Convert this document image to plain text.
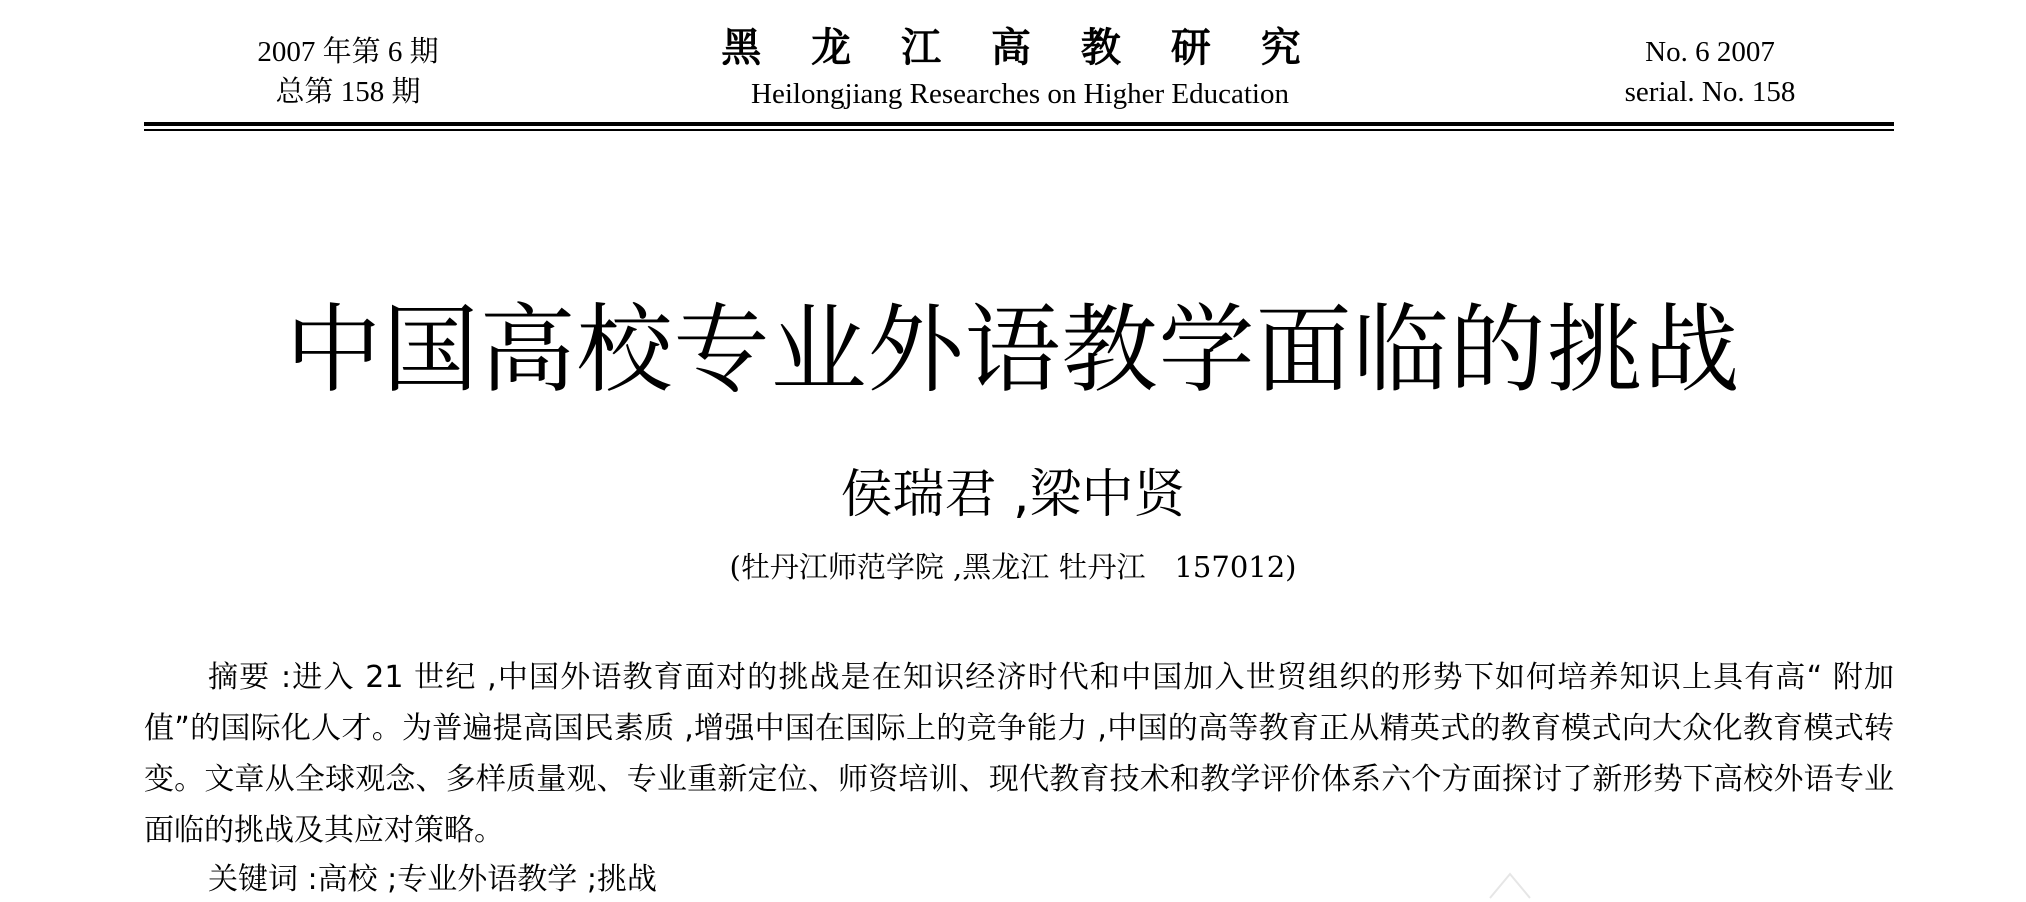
2007 年第 6 期
总第 158 期
黑 龙 江 高 教 研 究
Heilongjiang Researches on Higher Education
No. 6 2007
serial. No. 158
中国高校专业外语教学面临的挑战
侯瑞君 ,梁中贤
(牡丹江师范学院 ,黑龙江 牡丹江　157012)

摘要 :进入 21 世纪 ,中国外语教育面对的挑战是在知识经济时代和中国加入世贸组织的形势下如何培养知识上具有高“ 附加值”的国际化人才。为普遍提高国民素质 ,增强中国在国际上的竞争能力 ,中国的高等教育正从精英式的教育模式向大众化教育模式转变。文章从全球观念、多样质量观、专业重新定位、师资培训、现代教育技术和教学评价体系六个方面探讨了新形势下高校外语专业面临的挑战及其应对策略。

关键词 :高校 ;专业外语教学 ;挑战
